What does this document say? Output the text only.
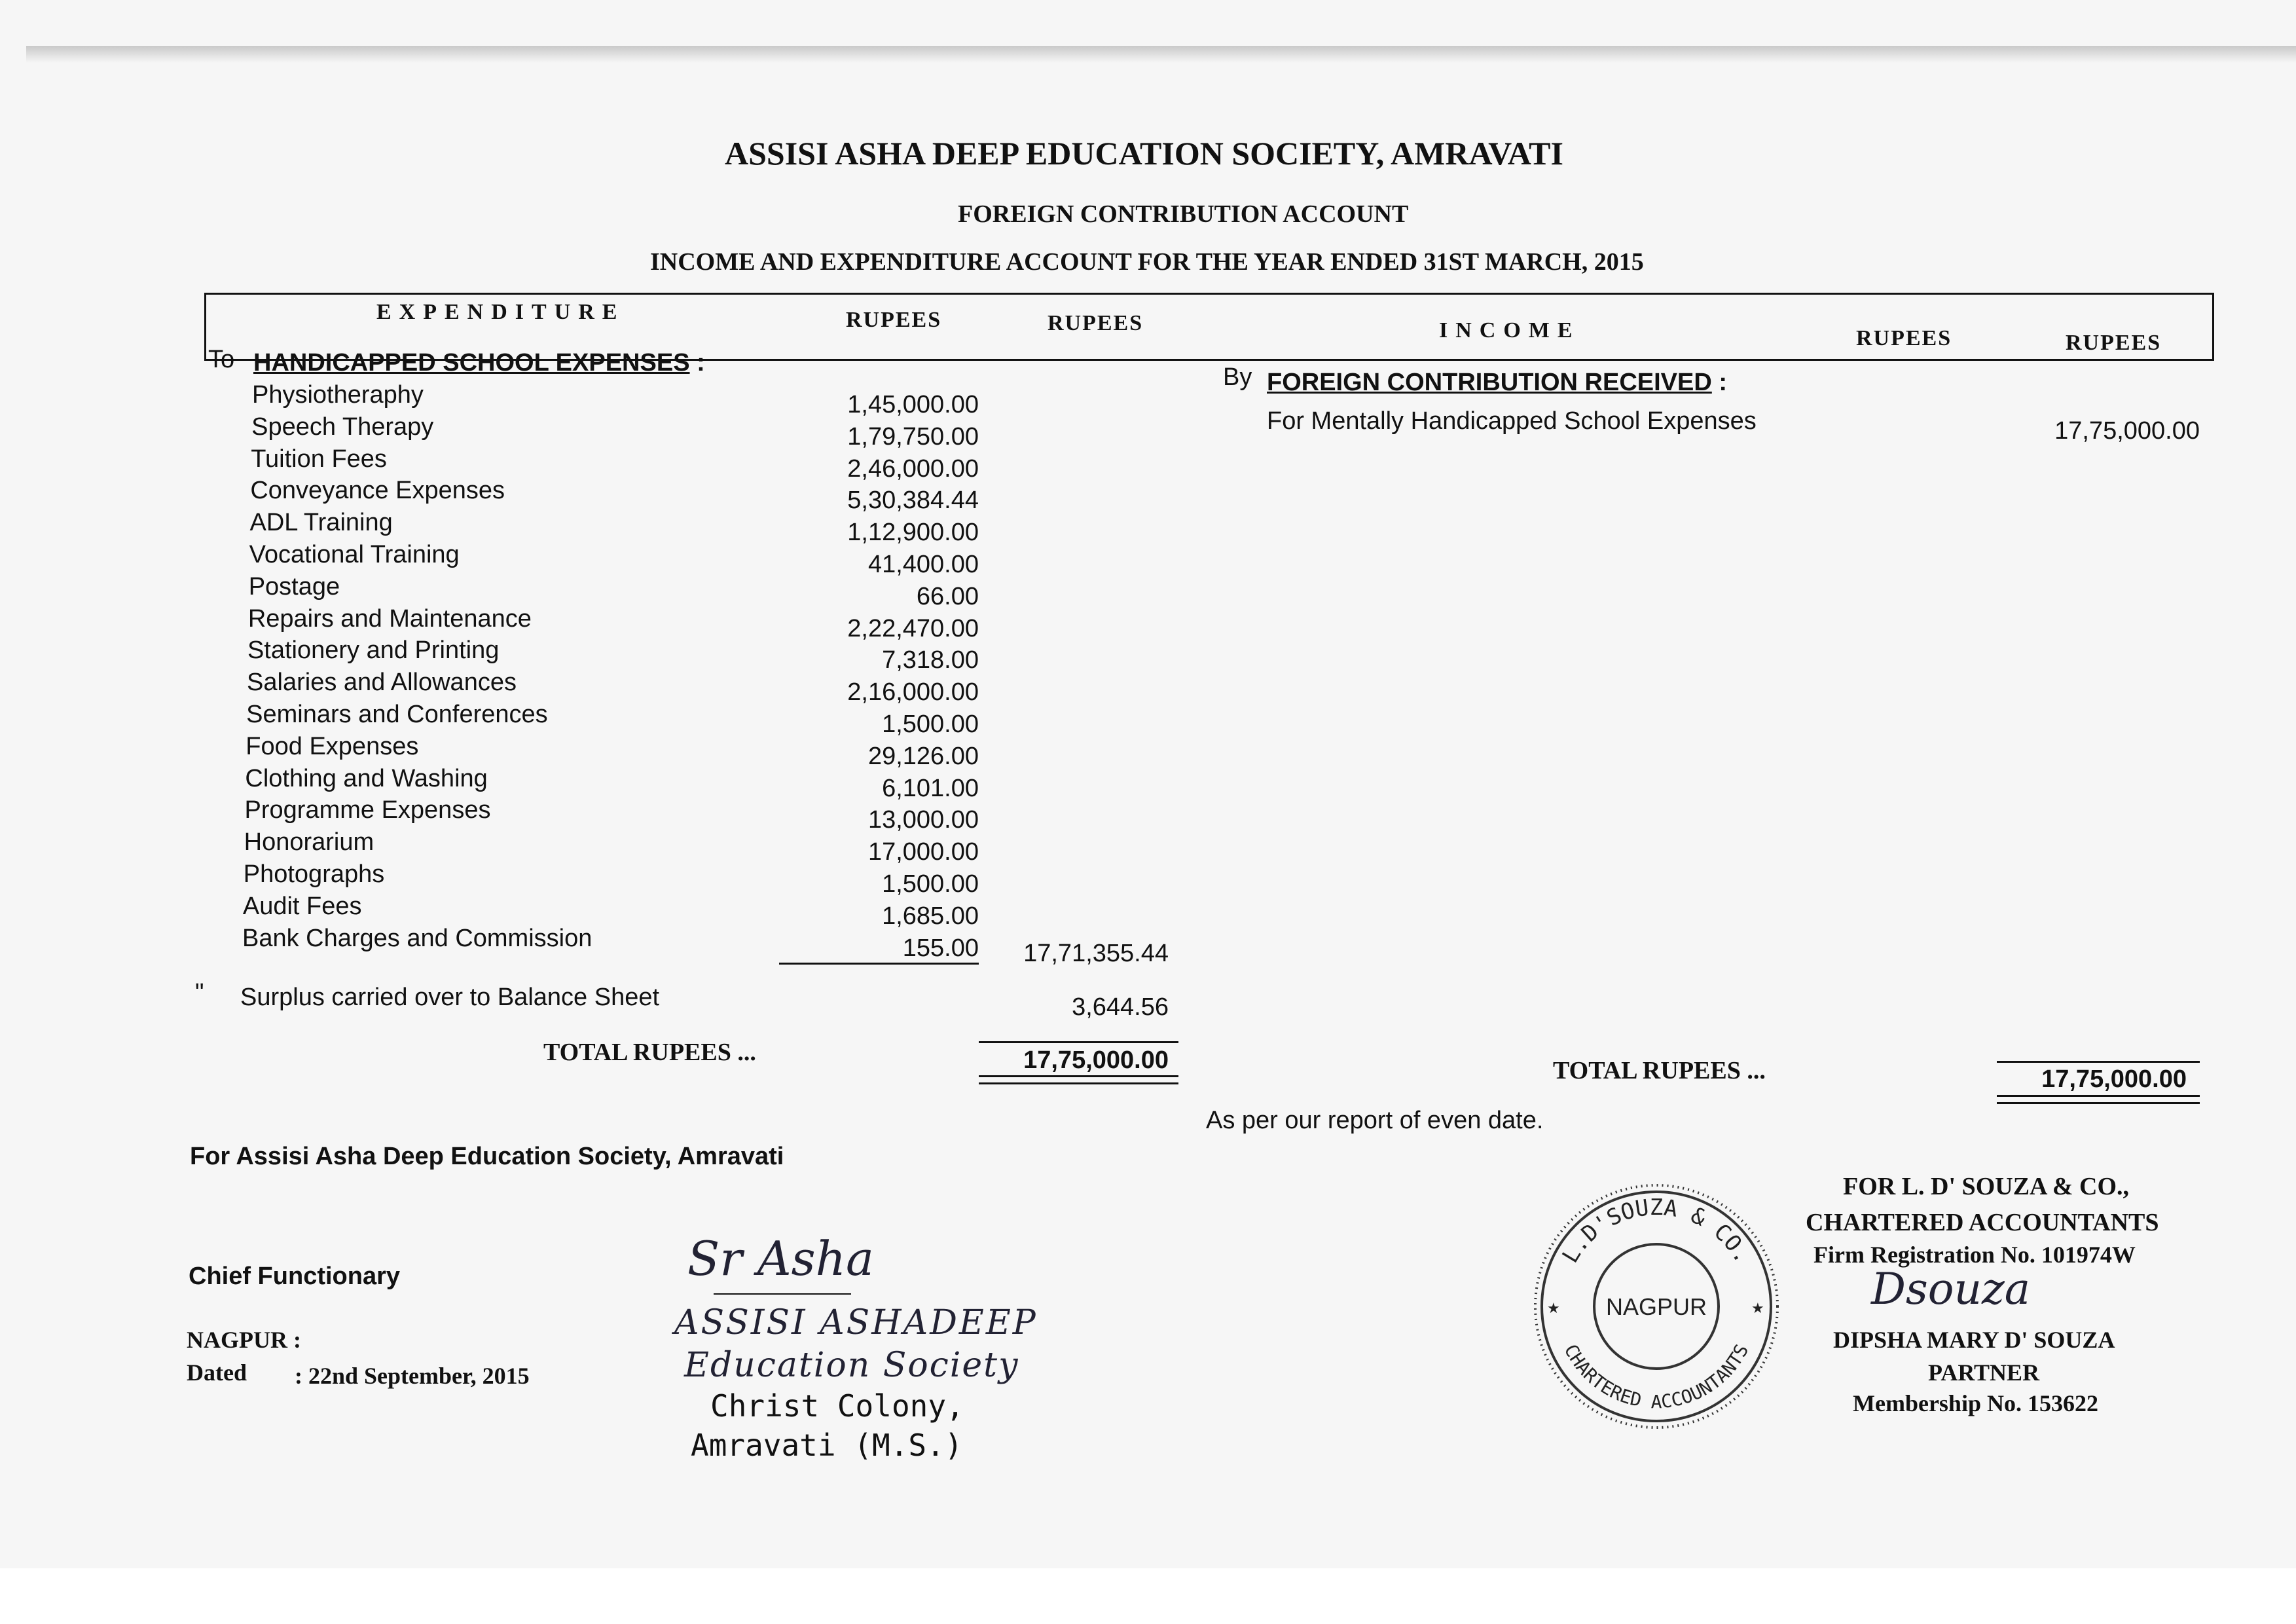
ASSISI ASHA DEEP EDUCATION SOCIETY, AMRAVATI
FOREIGN CONTRIBUTION ACCOUNT
INCOME AND EXPENDITURE ACCOUNT FOR THE YEAR ENDED 31ST MARCH, 2015
EXPENDITURE	RUPEES	RUPEES	INCOME	RUPEES	RUPEES
To HANDICAPPED SCHOOL EXPENSES :
Physiotheraphy	1,45,000.00
Speech Therapy	1,79,750.00
Tuition Fees	2,46,000.00
Conveyance Expenses	5,30,384.44
ADL Training	1,12,900.00
Vocational Training	41,400.00
Postage	66.00
Repairs and Maintenance	2,22,470.00
Stationery and Printing	7,318.00
Salaries and Allowances	2,16,000.00
Seminars and Conferences	1,500.00
Food Expenses	29,126.00
Clothing and Washing	6,101.00
Programme Expenses	13,000.00
Honorarium	17,000.00
Photographs	1,500.00
Audit Fees	1,685.00
Bank Charges and Commission	155.00	17,71,355.44
" Surplus carried over to Balance Sheet	3,644.56
TOTAL RUPEES ...	17,75,000.00
By FOREIGN CONTRIBUTION RECEIVED :
For Mentally Handicapped School Expenses	17,75,000.00
TOTAL RUPEES ...	17,75,000.00
As per our report of even date.
For Assisi Asha Deep Education Society, Amravati
Chief Functionary
NAGPUR :
Dated : 22nd September, 2015
Sr Asha
ASSISI ASHADEEP
Education Society
Christ Colony,
Amravati (M.S.)
L.D'SOUZA & CO.
CHARTERED ACCOUNTANTS
NAGPUR
★	★
FOR L. D' SOUZA & CO.,
CHARTERED ACCOUNTANTS
Firm Registration No. 101974W
Dsouza
DIPSHA MARY D' SOUZA
PARTNER
Membership No. 153622
